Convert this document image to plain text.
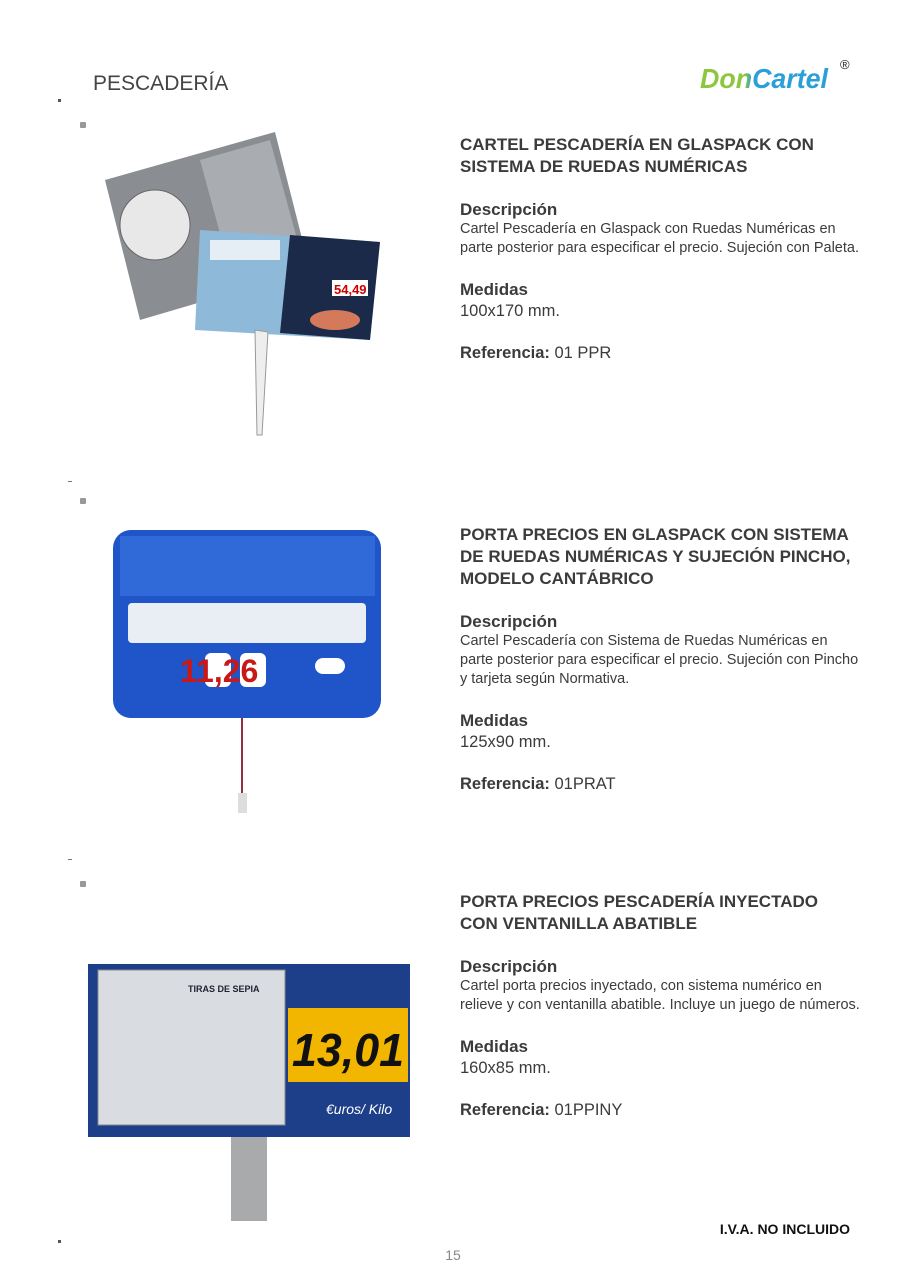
PESCADERÍA	DonCartel ®
54,49
CARTEL PESCADERÍA EN GLASPACK CON SISTEMA DE RUEDAS NUMÉRICAS
Descripción
Cartel Pescadería en Glaspack con Ruedas Numéricas en parte posterior para especificar el precio. Sujeción con Paleta.
Medidas
100x170 mm.
Referencia: 01 PPR
11,26
PORTA PRECIOS EN GLASPACK CON SISTEMA DE RUEDAS NUMÉRICAS Y SUJECIÓN PINCHO, MODELO CANTÁBRICO
Descripción
Cartel Pescadería con Sistema de Ruedas Numéricas en parte posterior para especificar el precio. Sujeción con Pincho y tarjeta según Normativa.
Medidas
125x90 mm.
Referencia: 01PRAT
TIRAS DE SEPIA
13,01
€uros/ Kilo
PORTA PRECIOS PESCADERÍA INYECTADO CON VENTANILLA ABATIBLE
Descripción
Cartel porta precios inyectado, con sistema numérico en relieve y con ventanilla abatible. Incluye un juego de números.
Medidas
160x85 mm.
Referencia: 01PPINY
I.V.A. NO INCLUIDO
15
